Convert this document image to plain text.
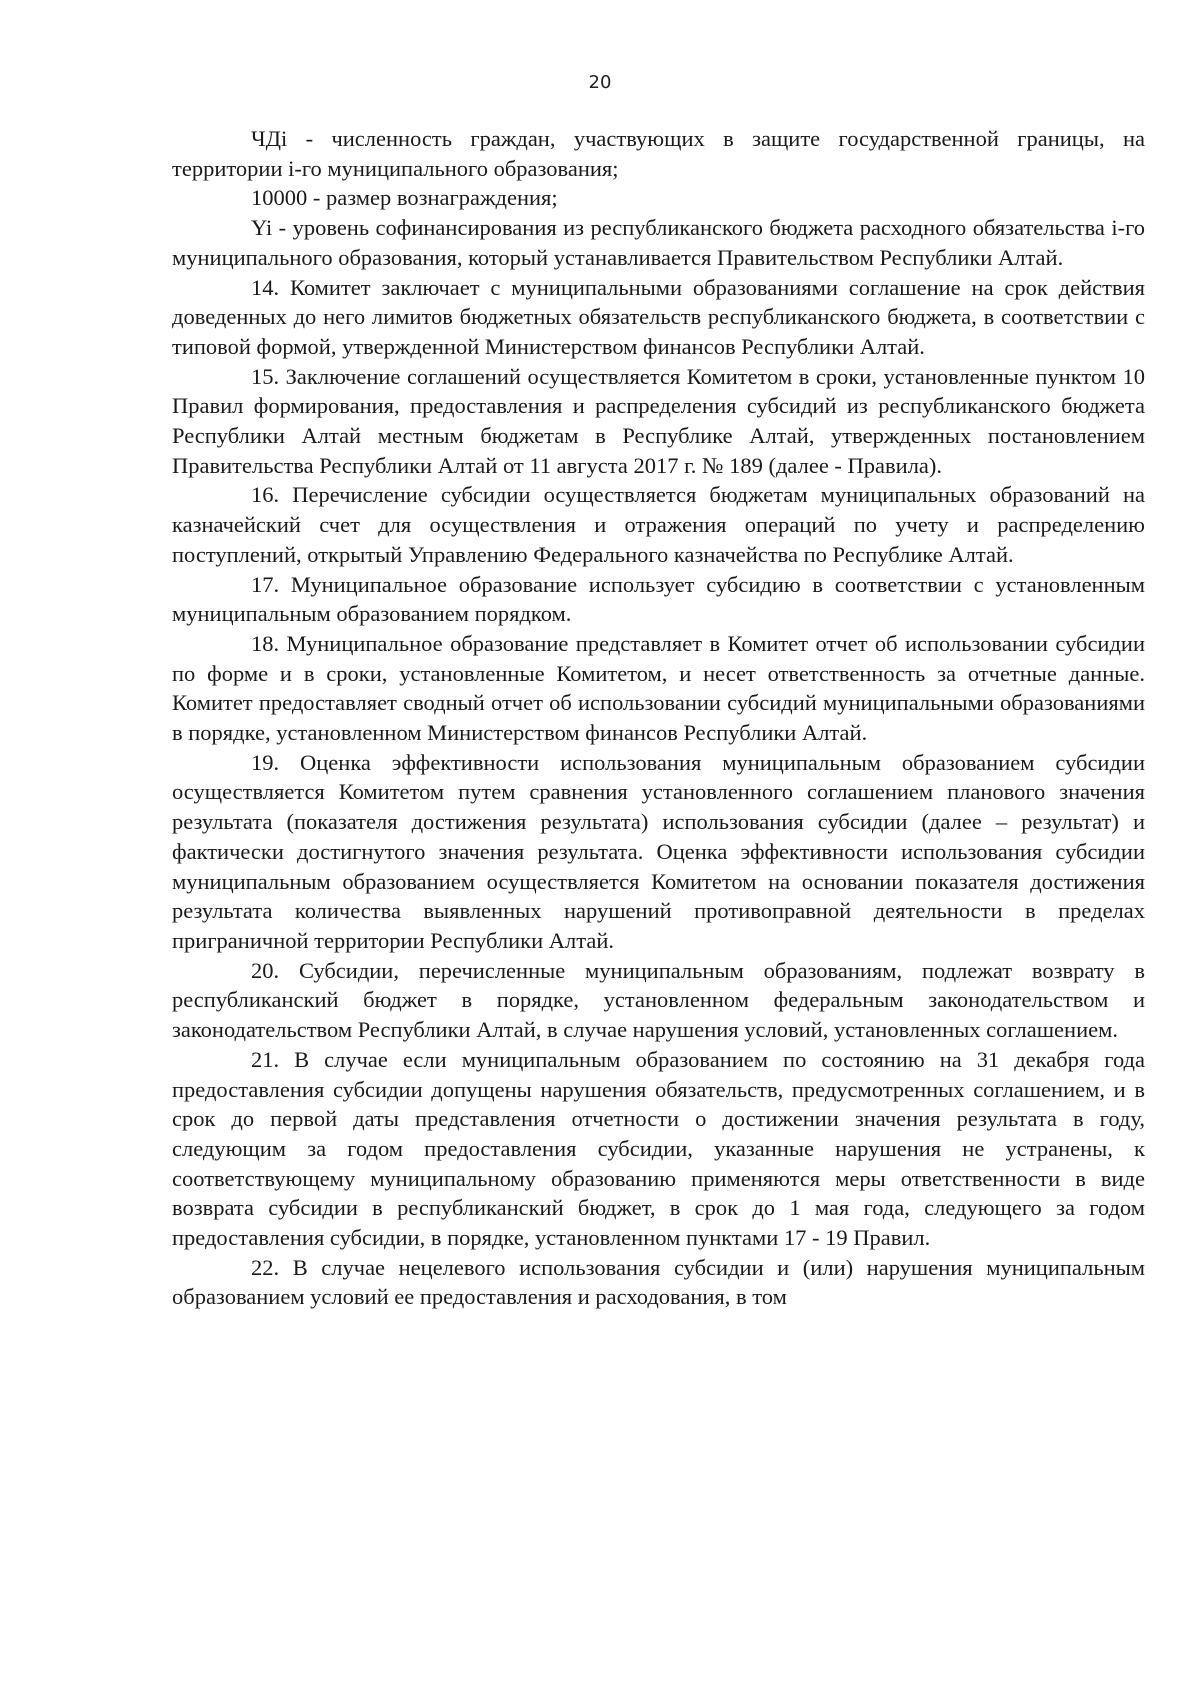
20

ЧДi - численность граждан, участвующих в защите государственной границы, на территории i-го муниципального образования;

10000 - размер вознаграждения;

Yi - уровень софинансирования из республиканского бюджета расходного обязательства i-го муниципального образования, который устанавливается Правительством Республики Алтай.

14. Комитет заключает с муниципальными образованиями соглашение на срок действия доведенных до него лимитов бюджетных обязательств республиканского бюджета, в соответствии с типовой формой, утвержденной Министерством финансов Республики Алтай.

15. Заключение соглашений осуществляется Комитетом в сроки, установленные пунктом 10 Правил формирования, предоставления и распределения субсидий из республиканского бюджета Республики Алтай местным бюджетам в Республике Алтай, утвержденных постановлением Правительства Республики Алтай от 11 августа 2017 г. № 189 (далее - Правила).

16. Перечисление субсидии осуществляется бюджетам муниципальных образований на казначейский счет для осуществления и отражения операций по учету и распределению поступлений, открытый Управлению Федерального казначейства по Республике Алтай.

17. Муниципальное образование использует субсидию в соответствии с установленным муниципальным образованием порядком.

18. Муниципальное образование представляет в Комитет отчет об использовании субсидии по форме и в сроки, установленные Комитетом, и несет ответственность за отчетные данные. Комитет предоставляет сводный отчет об использовании субсидий муниципальными образованиями в порядке, установленном Министерством финансов Республики Алтай.

19. Оценка эффективности использования муниципальным образованием субсидии осуществляется Комитетом путем сравнения установленного соглашением планового значения результата (показателя достижения результата) использования субсидии (далее – результат) и фактически достигнутого значения результата. Оценка эффективности использования субсидии муниципальным образованием осуществляется Комитетом на основании показателя достижения результата количества выявленных нарушений противоправной деятельности в пределах приграничной территории Республики Алтай.

20. Субсидии, перечисленные муниципальным образованиям, подлежат возврату в республиканский бюджет в порядке, установленном федеральным законодательством и законодательством Республики Алтай, в случае нарушения условий, установленных соглашением.

21. В случае если муниципальным образованием по состоянию на 31 декабря года предоставления субсидии допущены нарушения обязательств, предусмотренных соглашением, и в срок до первой даты представления отчетности о достижении значения результата в году, следующим за годом предоставления субсидии, указанные нарушения не устранены, к соответствующему муниципальному образованию применяются меры ответственности в виде возврата субсидии в республиканский бюджет, в срок до 1 мая года, следующего за годом предоставления субсидии, в порядке, установленном пунктами 17 - 19 Правил.

22. В случае нецелевого использования субсидии и (или) нарушения муниципальным образованием условий ее предоставления и расходования, в том
